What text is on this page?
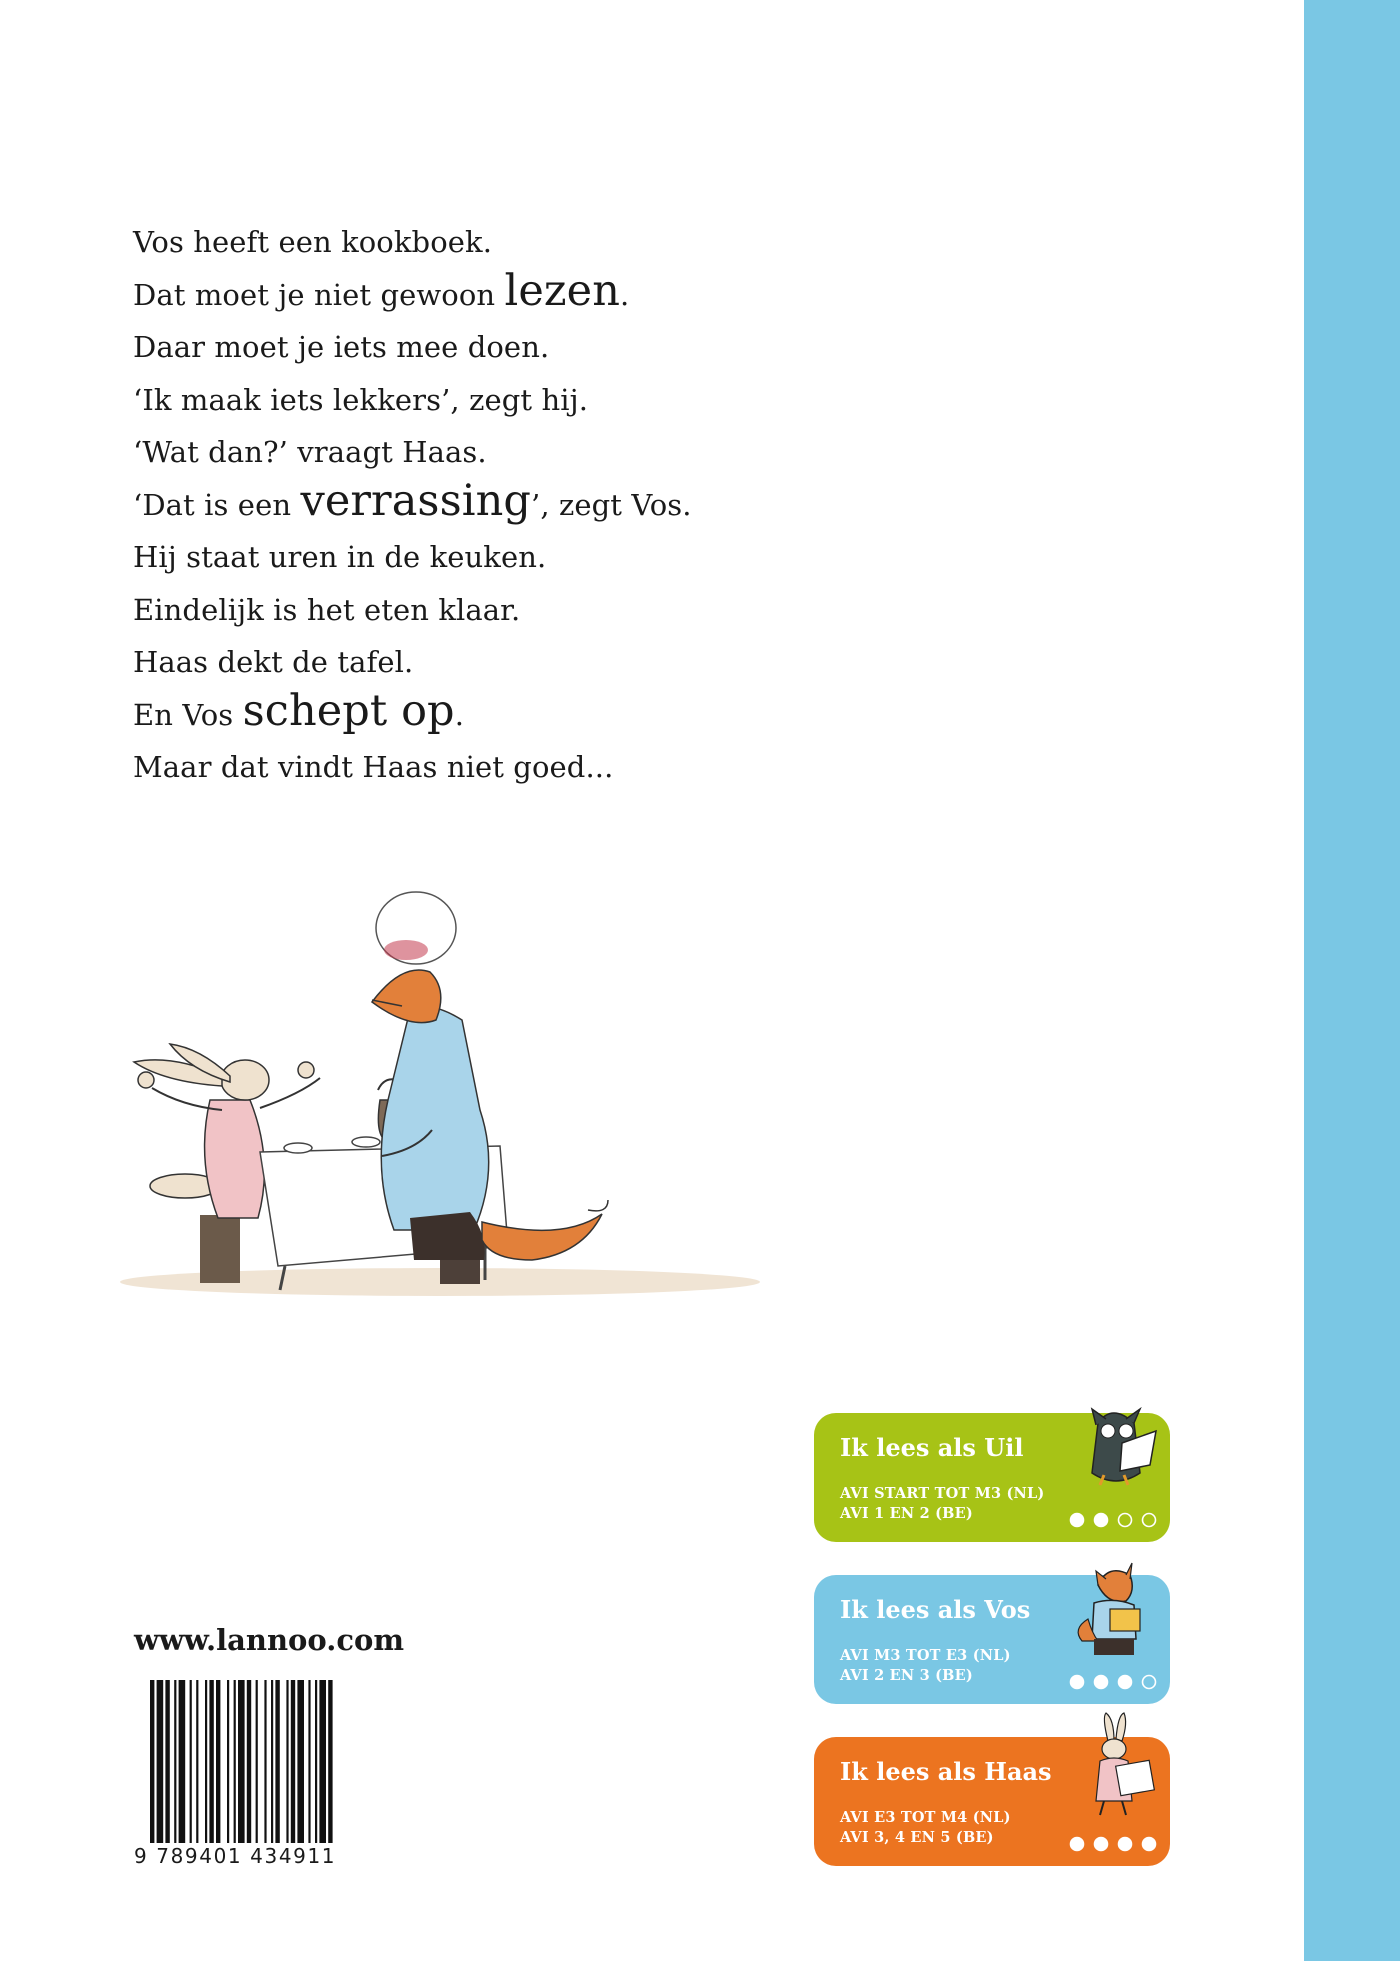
Vos heeft een kookboek.
Dat moet je niet gewoon lezen.
Daar moet je iets mee doen.
‘Ik maak iets lekkers’, zegt hij.
‘Wat dan?’ vraagt Haas.
‘Dat is een verrassing’, zegt Vos.
Hij staat uren in de keuken.
Eindelijk is het eten klaar.
Haas dekt de tafel.
En Vos schept op.
Maar dat vindt Haas niet goed...
www.lannoo.com
9 789401 434911
Ik lees als Uil
AVI START TOT M3 (NL)
AVI 1 EN 2 (BE)
Ik lees als Vos
AVI M3 TOT E3 (NL)
AVI 2 EN 3 (BE)
Ik lees als Haas
AVI E3 TOT M4 (NL)
AVI 3, 4 EN 5 (BE)
